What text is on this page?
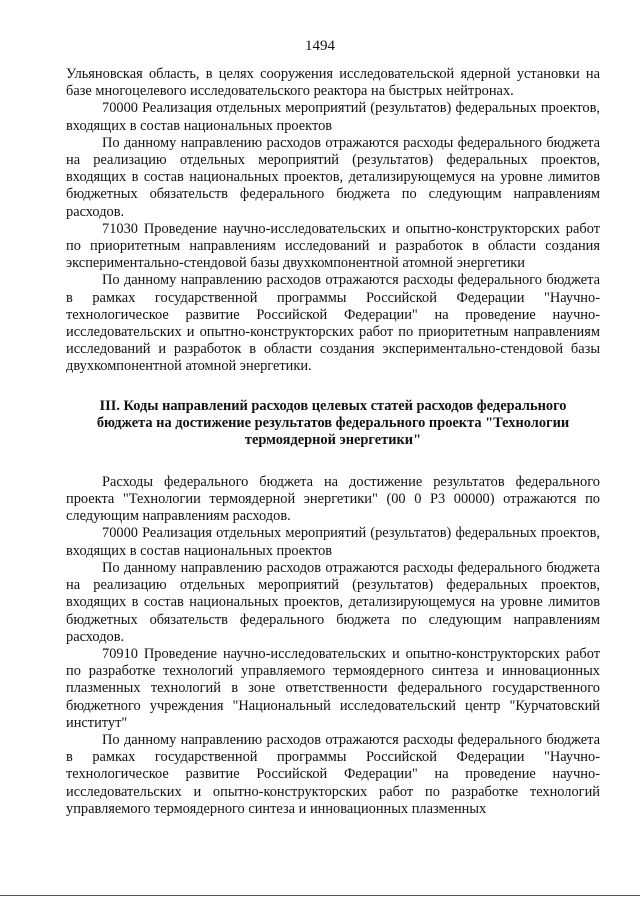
1494

Ульяновская область, в целях сооружения исследовательской ядерной установки на базе многоцелевого исследовательского реактора на быстрых нейтронах.

70000 Реализация отдельных мероприятий (результатов) федеральных проектов, входящих в состав национальных проектов

По данному направлению расходов отражаются расходы федерального бюджета на реализацию отдельных мероприятий (результатов) федеральных проектов, входящих в состав национальных проектов, детализирующемуся на уровне лимитов бюджетных обязательств федерального бюджета по следующим направлениям расходов.

71030 Проведение научно-исследовательских и опытно-конструкторских работ по приоритетным направлениям исследований и разработок в области создания экспериментально-стендовой базы двухкомпонентной атомной энергетики

По данному направлению расходов отражаются расходы федерального бюджета в рамках государственной программы Российской Федерации "Научно-технологическое развитие Российской Федерации" на проведение научно-исследовательских и опытно-конструкторских работ по приоритетным направлениям исследований и разработок в области создания экспериментально-стендовой базы двухкомпонентной атомной энергетики.

III. Коды направлений расходов целевых статей расходов федерального бюджета на достижение результатов федерального проекта "Технологии термоядерной энергетики"

Расходы федерального бюджета на достижение результатов федерального проекта "Технологии термоядерной энергетики" (00 0 Р3 00000) отражаются по следующим направлениям расходов.

70000 Реализация отдельных мероприятий (результатов) федеральных проектов, входящих в состав национальных проектов

По данному направлению расходов отражаются расходы федерального бюджета на реализацию отдельных мероприятий (результатов) федеральных проектов, входящих в состав национальных проектов, детализирующемуся на уровне лимитов бюджетных обязательств федерального бюджета по следующим направлениям расходов.

70910 Проведение научно-исследовательских и опытно-конструкторских работ по разработке технологий управляемого термоядерного синтеза и инновационных плазменных технологий в зоне ответственности федерального государственного бюджетного учреждения "Национальный исследовательский центр "Курчатовский институт"

По данному направлению расходов отражаются расходы федерального бюджета в рамках государственной программы Российской Федерации "Научно-технологическое развитие Российской Федерации" на проведение научно-исследовательских и опытно-конструкторских работ по разработке технологий управляемого термоядерного синтеза и инновационных плазменных
